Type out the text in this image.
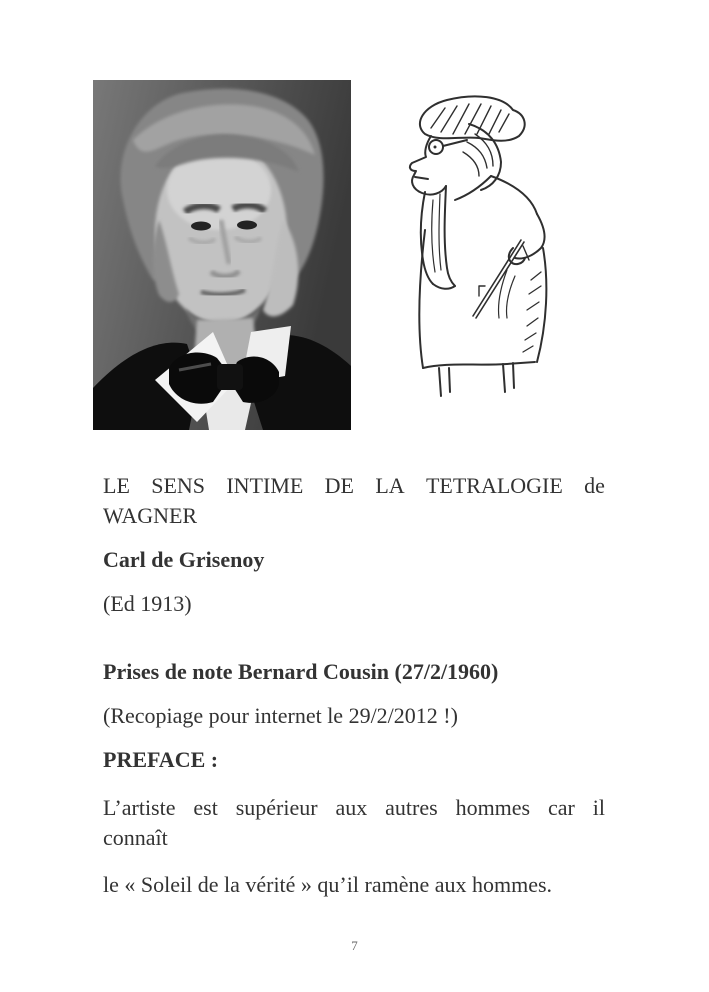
LE SENS INTIME DE LA TETRALOGIE de
WAGNER

Carl de Grisenoy

(Ed 1913)

Prises de note Bernard Cousin (27/2/1960)

(Recopiage pour internet le 29/2/2012 !)

PREFACE :

L’artiste est supérieur aux autres hommes car il
connaît

le « Soleil de la vérité » qu’il ramène aux hommes.

7
